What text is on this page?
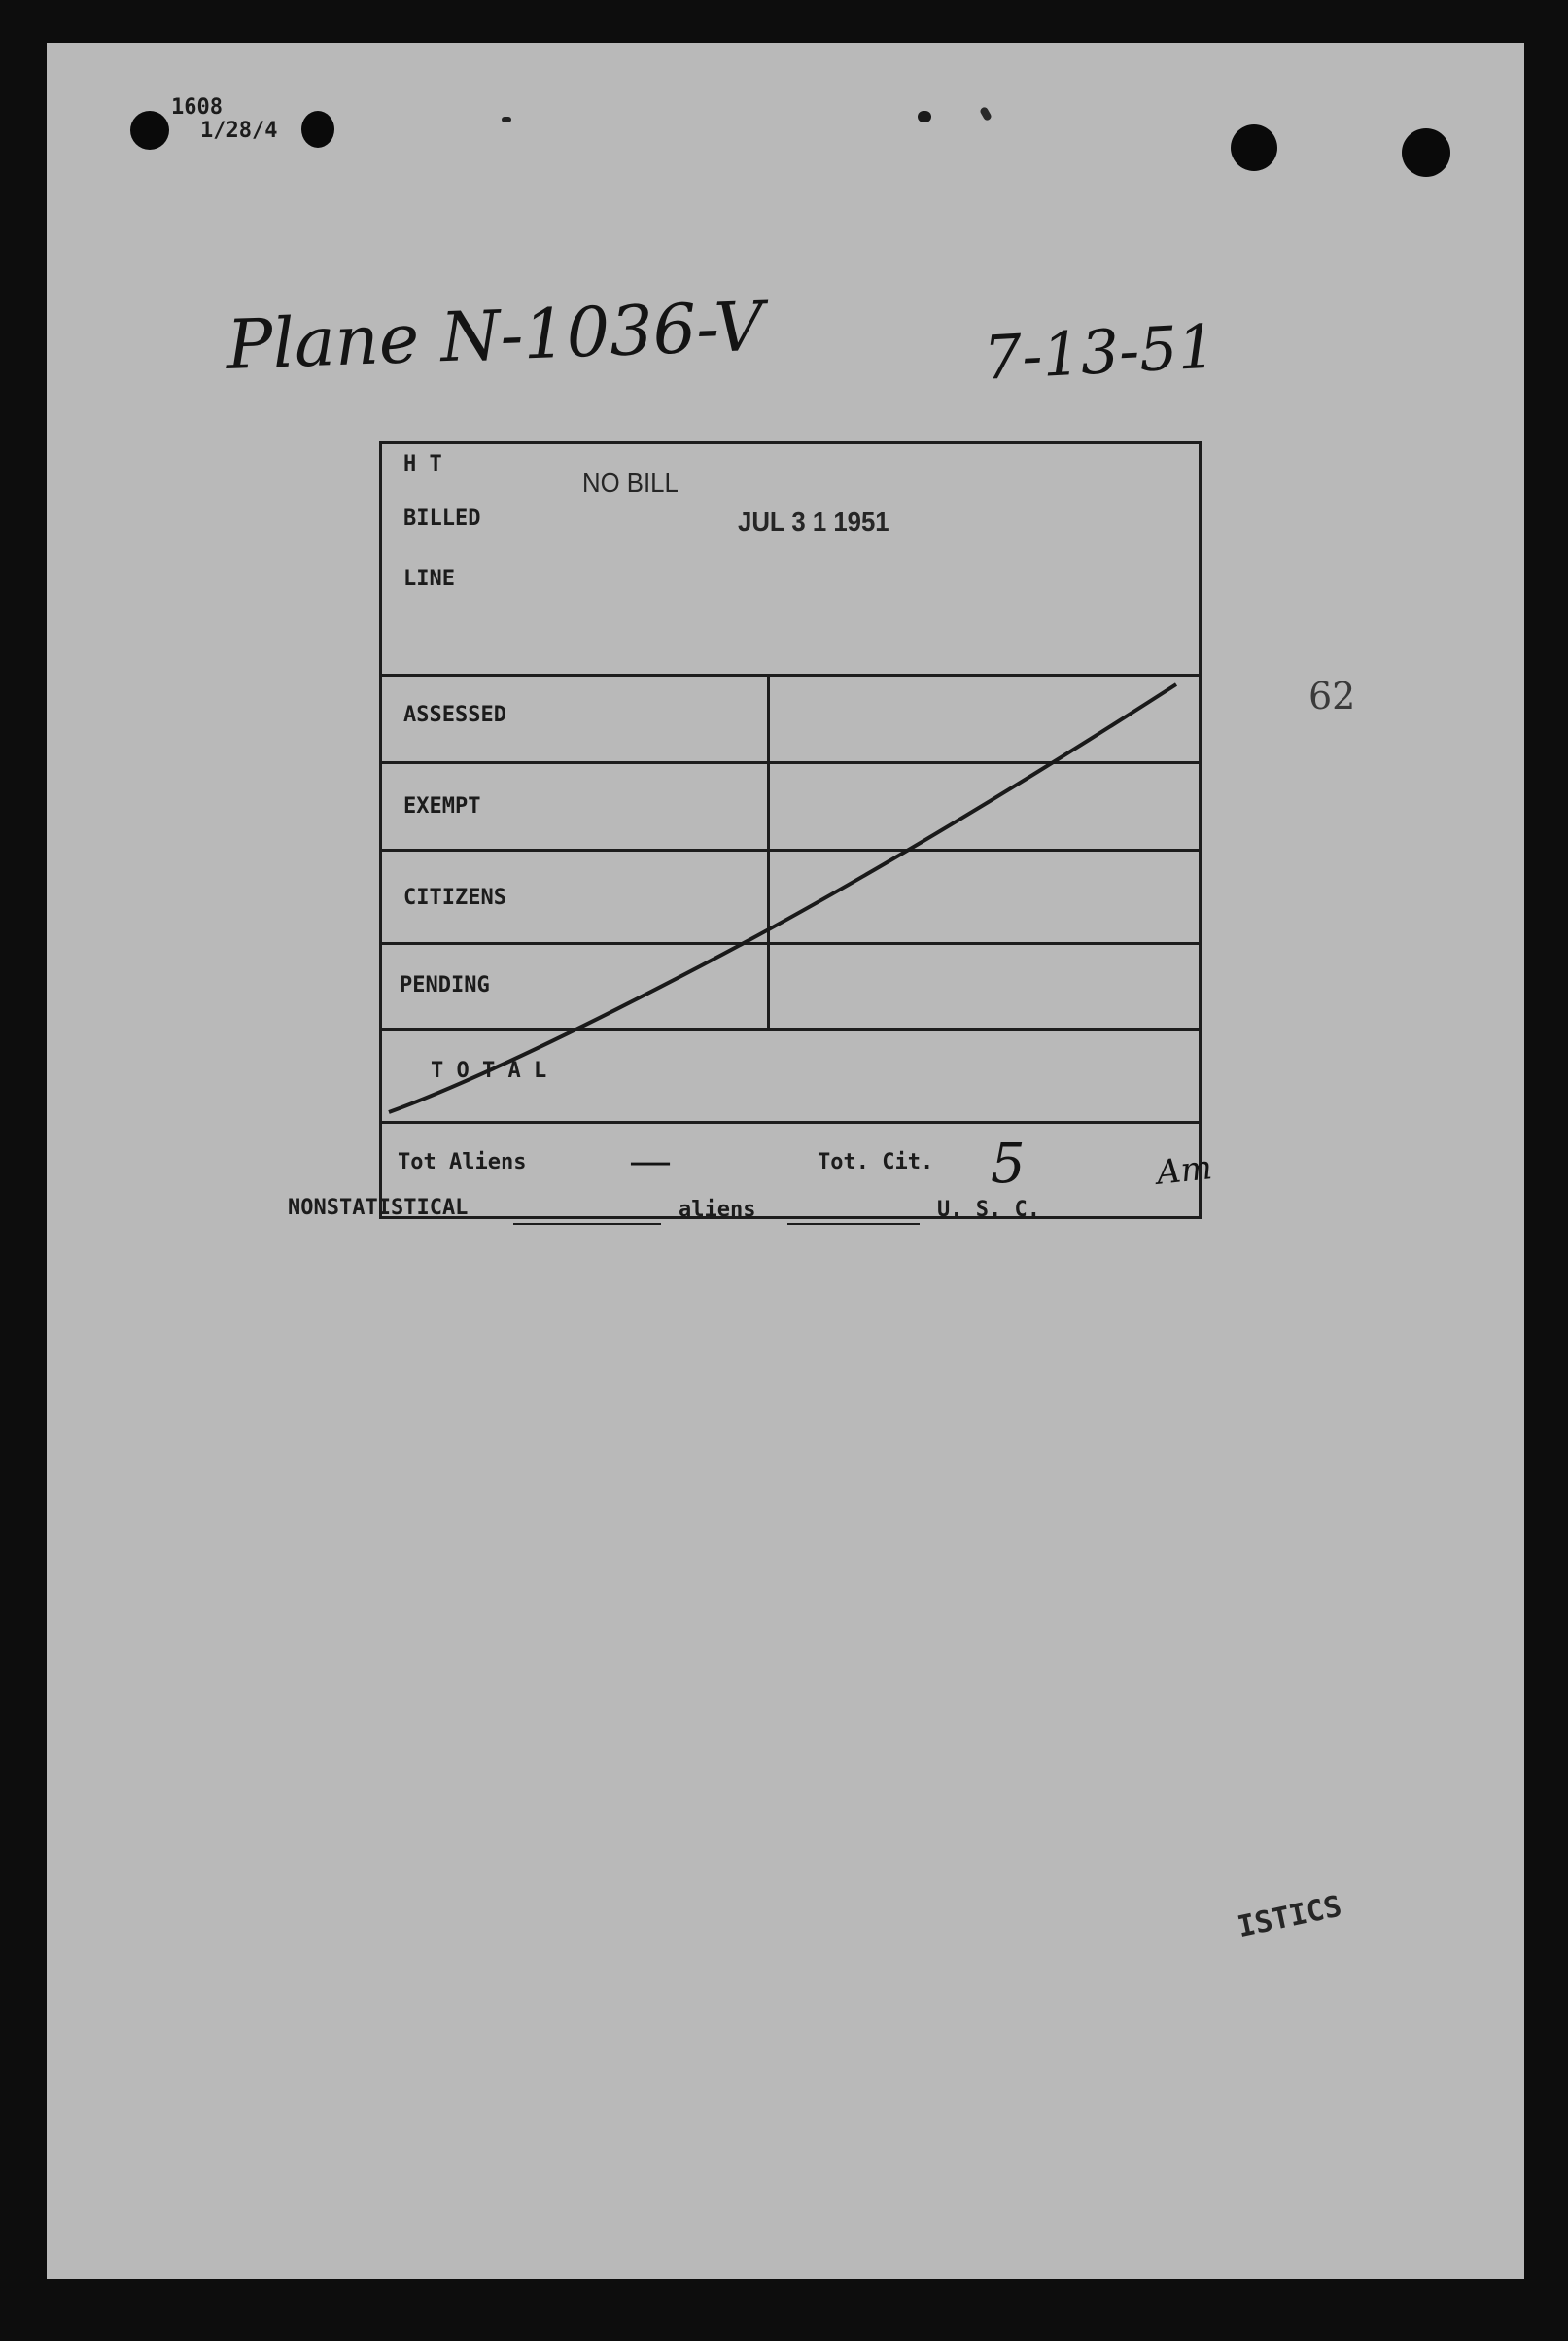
1608
1/28/4
Plane N-1036-V	7-13-51
H T
BILLED
LINE
NO BILL
JUL 3 1 1951
ASSESSED
EXEMPT
CITIZENS
PENDING
T O T A L
Tot Aliens —	Tot. Cit. 5	Am
62
NONSTATISTICAL	aliens	U. S. C.
ISTICS
